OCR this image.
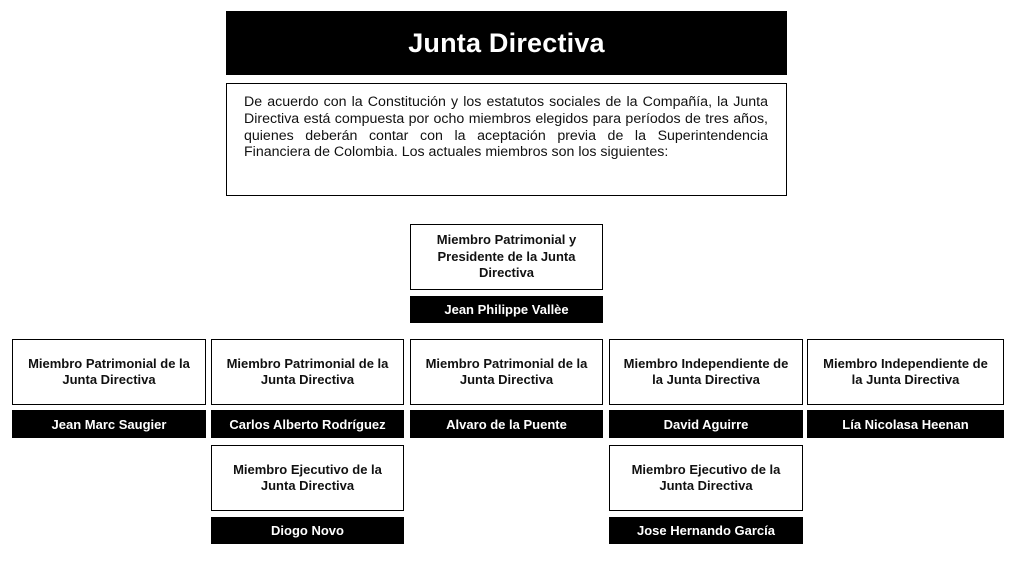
Junta Directiva
De acuerdo con la Constitución y los estatutos sociales de la Compañía, la Junta Directiva está compuesta por ocho miembros elegidos para períodos de tres años, quienes deberán contar con la aceptación previa de la Superintendencia Financiera de Colombia. Los actuales miembros son los siguientes:
Miembro Patrimonial y Presidente de la Junta Directiva
Jean Philippe Vallèe
Miembro Patrimonial de la Junta Directiva
Jean Marc Saugier
Miembro Patrimonial de la Junta Directiva
Carlos Alberto Rodríguez
Miembro Patrimonial de la Junta Directiva
Alvaro de la Puente
Miembro Independiente de la Junta Directiva
David Aguirre
Miembro Independiente de la Junta Directiva
Lía Nicolasa Heenan
Miembro Ejecutivo de la Junta Directiva
Diogo Novo
Miembro Ejecutivo de la Junta Directiva
Jose Hernando García
